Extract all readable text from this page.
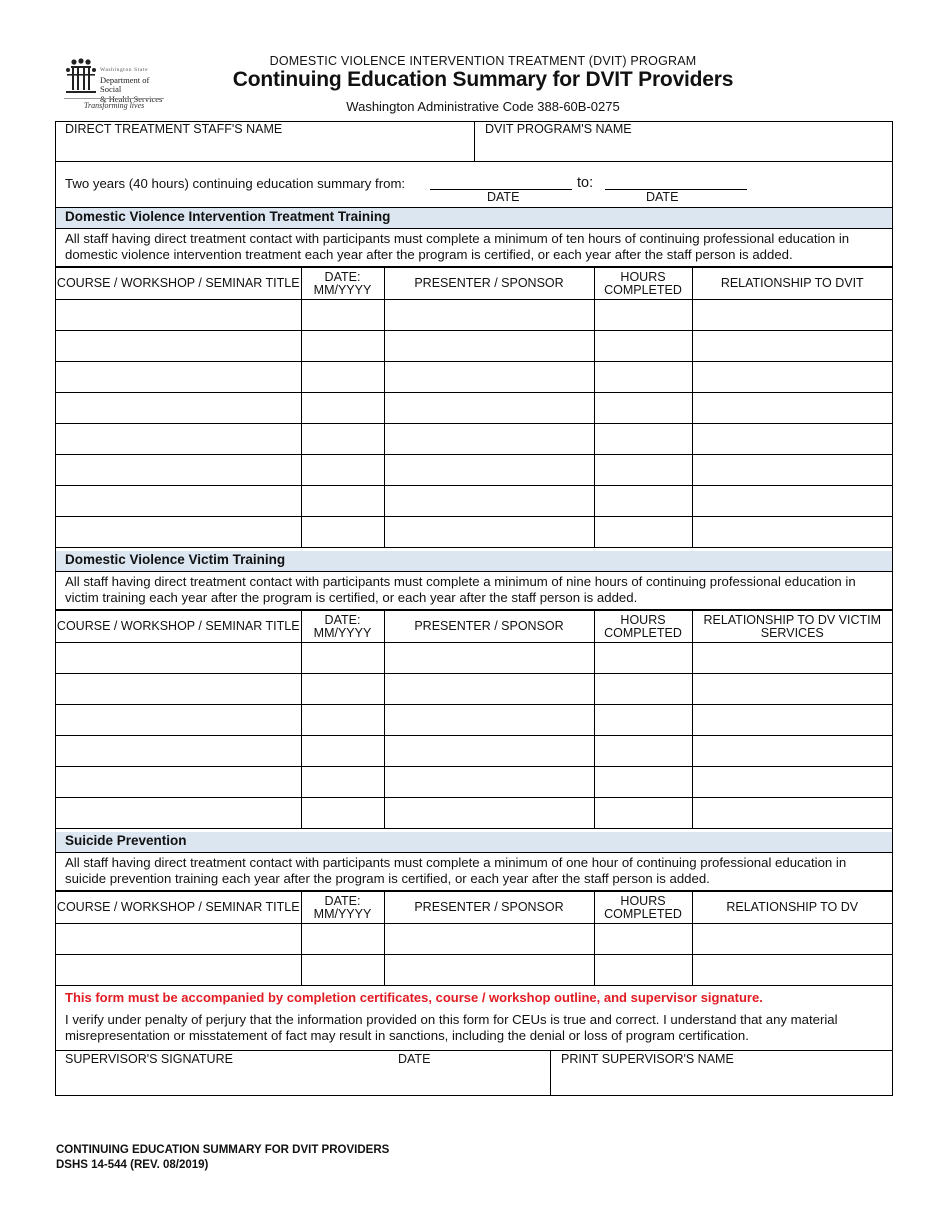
Washington State
Department of Social
& Health Services
Transforming lives
DOMESTIC VIOLENCE INTERVENTION TREATMENT (DVIT) PROGRAM
Continuing Education Summary for DVIT Providers
Washington Administrative Code 388-60B-0275
DIRECT TREATMENT STAFF'S NAME	DVIT PROGRAM'S NAME
Two years (40 hours) continuing education summary from:	to:
DATE	DATE
Domestic Violence Intervention Treatment Training
All staff having direct treatment contact with participants must complete a minimum of ten hours of continuing professional education in domestic violence intervention treatment each year after the program is certified, or each year after the staff person is added.
COURSE / WORKSHOP / SEMINAR TITLE	DATE: MM/YYYY	PRESENTER / SPONSOR	HOURS COMPLETED	RELATIONSHIP TO DVIT

Domestic Violence Victim Training
All staff having direct treatment contact with participants must complete a minimum of nine hours of continuing professional education in victim training each year after the program is certified, or each year after the staff person is added.
COURSE / WORKSHOP / SEMINAR TITLE	DATE: MM/YYYY	PRESENTER / SPONSOR	HOURS COMPLETED	RELATIONSHIP TO DV VICTIM SERVICES

Suicide Prevention
All staff having direct treatment contact with participants must complete a minimum of one hour of continuing professional education in suicide prevention training each year after the program is certified, or each year after the staff person is added.
COURSE / WORKSHOP / SEMINAR TITLE	DATE: MM/YYYY	PRESENTER / SPONSOR	HOURS COMPLETED	RELATIONSHIP TO DV

This form must be accompanied by completion certificates, course / workshop outline, and supervisor signature.
I verify under penalty of perjury that the information provided on this form for CEUs is true and correct. I understand that any material misrepresentation or misstatement of fact may result in sanctions, including the denial or loss of program certification.
SUPERVISOR'S SIGNATURE	DATE	PRINT SUPERVISOR'S NAME
CONTINUING EDUCATION SUMMARY FOR DVIT PROVIDERS
DSHS 14-544 (REV. 08/2019)
